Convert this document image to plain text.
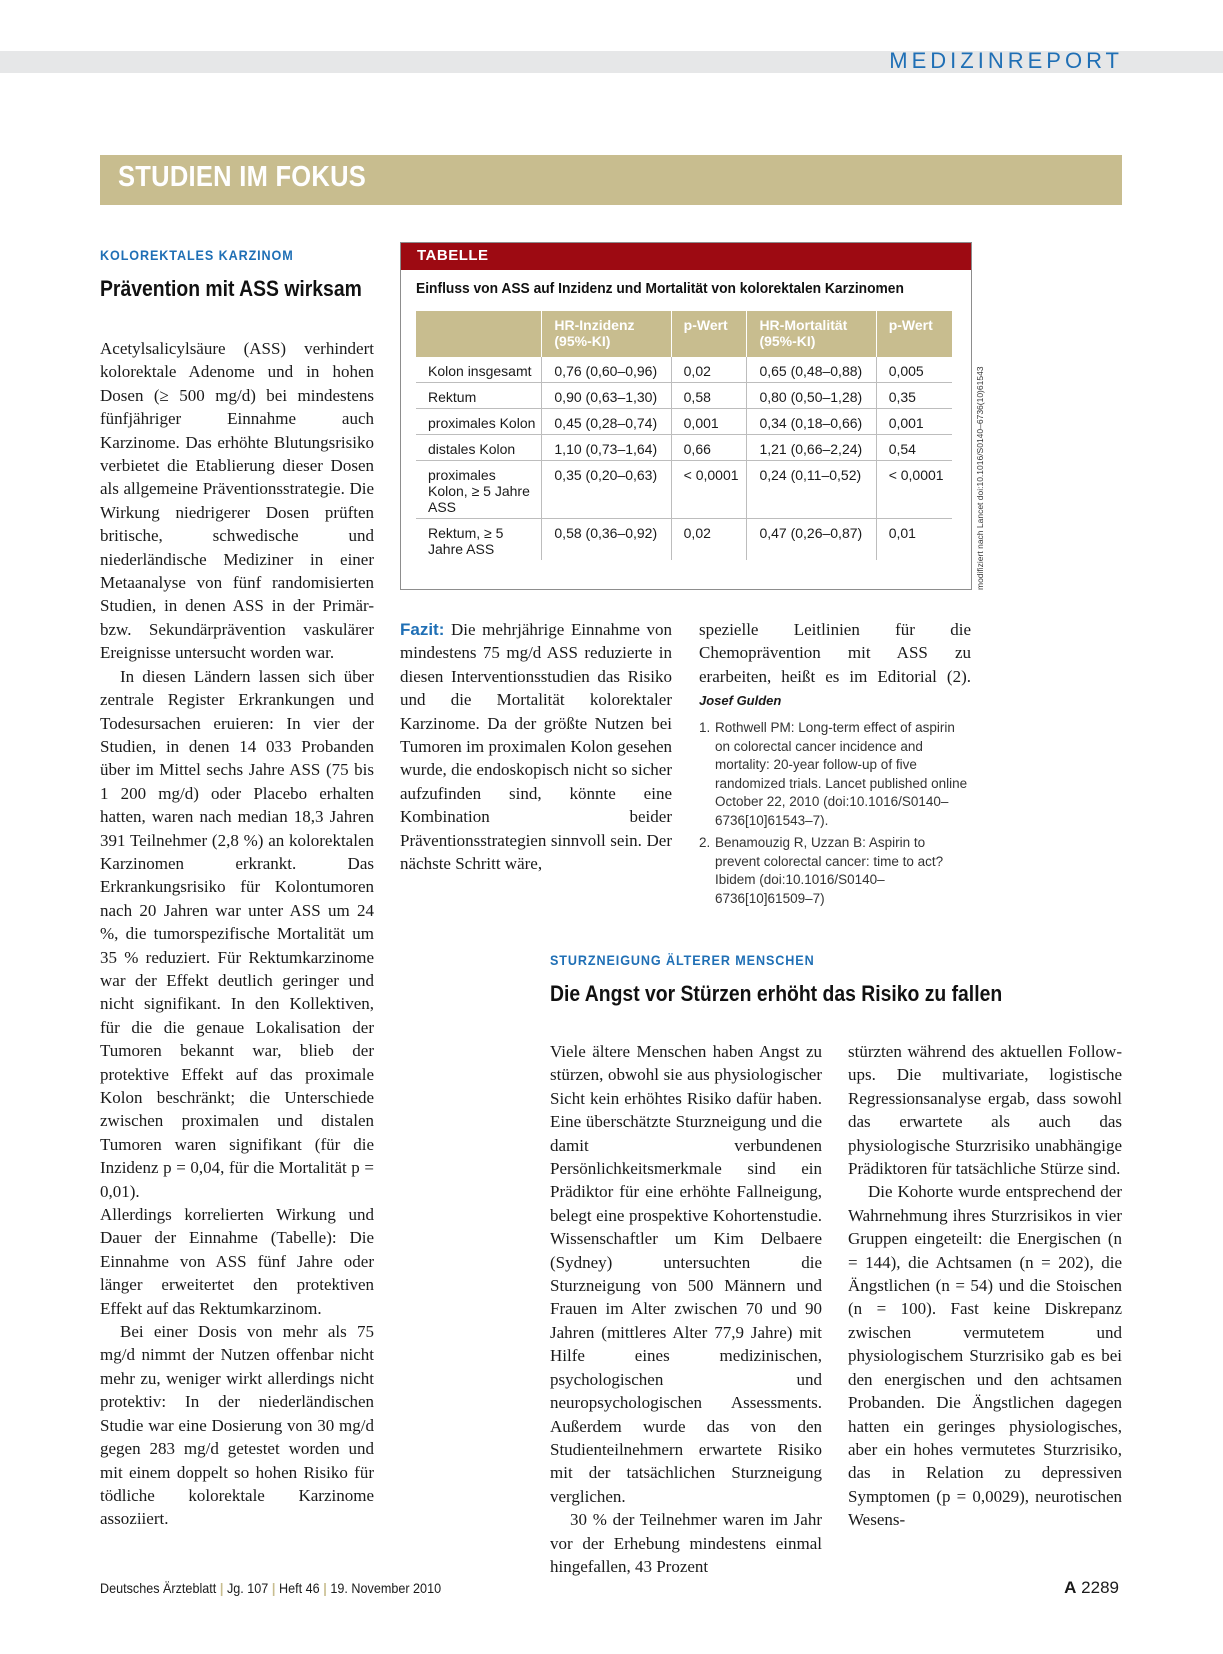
MEDIZINREPORT
STUDIEN IM FOKUS
KOLOREKTALES KARZINOM
Prävention mit ASS wirksam

Acetylsalicylsäure (ASS) verhindert kolorektale Adenome und in hohen Dosen (≥ 500 mg/d) bei mindestens fünfjähriger Einnahme auch Karzinome. Das erhöhte Blutungsrisiko verbietet die Etablierung dieser Dosen als allgemeine Präventionsstrategie. Die Wirkung niedrigerer Dosen prüften britische, schwedische und niederländische Mediziner in einer Metaanalyse von fünf randomisierten Studien, in denen ASS in der Primär- bzw. Sekundärprävention vaskulärer Ereignisse untersucht worden war.

In diesen Ländern lassen sich über zentrale Register Erkrankungen und Todesursachen eruieren: In vier der Studien, in denen 14 033 Probanden über im Mittel sechs Jahre ASS (75 bis 1 200 mg/d) oder Placebo erhalten hatten, waren nach median 18,3 Jahren 391 Teilnehmer (2,8 %) an kolorektalen Karzinomen erkrankt. Das Erkrankungsrisiko für Kolontumoren nach 20 Jahren war unter ASS um 24 %, die tumorspezifische Mortalität um 35 % reduziert. Für Rektumkarzinome war der Effekt deutlich geringer und nicht signifikant. In den Kollektiven, für die die genaue Lokalisation der Tumoren bekannt war, blieb der protektive Effekt auf das proximale Kolon beschränkt; die Unterschiede zwischen proximalen und distalen Tumoren waren signifikant (für die Inzidenz p = 0,04, für die Mortalität p = 0,01).

Allerdings korrelierten Wirkung und Dauer der Einnahme (Tabelle): Die Einnahme von ASS fünf Jahre oder länger erweitertet den protektiven Effekt auf das Rektumkarzinom.

Bei einer Dosis von mehr als 75 mg/d nimmt der Nutzen offenbar nicht mehr zu, weniger wirkt allerdings nicht protektiv: In der niederländischen Studie war eine Dosierung von 30 mg/d gegen 283 mg/d getestet worden und mit einem doppelt so hohen Risiko für tödliche kolorektale Karzinome assoziiert.

TABELLE
Einfluss von ASS auf Inzidenz und Mortalität von kolorektalen Karzinomen
	HR-Inzidenz (95%-KI)	p-Wert	HR-Mortalität (95%-KI)	p-Wert
Kolon insgesamt	0,76 (0,60–0,96)	0,02	0,65 (0,48–0,88)	0,005
Rektum	0,90 (0,63–1,30)	0,58	0,80 (0,50–1,28)	0,35
proximales Kolon	0,45 (0,28–0,74)	0,001	0,34 (0,18–0,66)	0,001
distales Kolon	1,10 (0,73–1,64)	0,66	1,21 (0,66–2,24)	0,54
proximales Kolon, ≥ 5 Jahre ASS	0,35 (0,20–0,63)	< 0,0001	0,24 (0,11–0,52)	< 0,0001
Rektum, ≥ 5 Jahre ASS	0,58 (0,36–0,92)	0,02	0,47 (0,26–0,87)	0,01	modifiziert nach Lancet doi:10.1016/S0140–6736(10)61543

Fazit: Die mehrjährige Einnahme von mindestens 75 mg/d ASS reduzierte in diesen Interventionsstudien das Risiko und die Mortalität kolorektaler Karzinome. Da der größte Nutzen bei Tumoren im proximalen Kolon gesehen wurde, die endoskopisch nicht so sicher aufzufinden sind, könnte eine Kombination beider Präventionsstrategien sinnvoll sein. Der nächste Schritt wäre,

spezielle Leitlinien für die Chemoprävention mit ASS zu erarbeiten, heißt es im Editorial (2). Josef Gulden

1. Rothwell PM: Long-term effect of aspirin on colorectal cancer incidence and mortality: 20-year follow-up of five randomized trials. Lancet published online October 22, 2010 (doi:10.1016/S0140–6736[10]61543–7).
2. Benamouzig R, Uzzan B: Aspirin to prevent colorectal cancer: time to act? Ibidem (doi:10.1016/S0140–6736[10]61509–7)
STURZNEIGUNG ÄLTERER MENSCHEN
Die Angst vor Stürzen erhöht das Risiko zu fallen

Viele ältere Menschen haben Angst zu stürzen, obwohl sie aus physiologischer Sicht kein erhöhtes Risiko dafür haben. Eine überschätzte Sturzneigung und die damit verbundenen Persönlichkeitsmerkmale sind ein Prädiktor für eine erhöhte Fallneigung, belegt eine prospektive Kohortenstudie. Wissenschaftler um Kim Delbaere (Sydney) untersuchten die Sturzneigung von 500 Männern und Frauen im Alter zwischen 70 und 90 Jahren (mittleres Alter 77,9 Jahre) mit Hilfe eines medizinischen, psychologischen und neuropsychologischen Assessments. Außerdem wurde das von den Studienteilnehmern erwartete Risiko mit der tatsächlichen Sturzneigung verglichen.

30 % der Teilnehmer waren im Jahr vor der Erhebung mindestens einmal hingefallen, 43 Prozent

stürzten während des aktuellen Follow-ups. Die multivariate, logistische Regressionsanalyse ergab, dass sowohl das erwartete als auch das physiologische Sturzrisiko unabhängige Prädiktoren für tatsächliche Stürze sind.

Die Kohorte wurde entsprechend der Wahrnehmung ihres Sturzrisikos in vier Gruppen eingeteilt: die Energischen (n = 144), die Achtsamen (n = 202), die Ängstlichen (n = 54) und die Stoischen (n = 100). Fast keine Diskrepanz zwischen vermutetem und physiologischem Sturzrisiko gab es bei den energischen und den achtsamen Probanden. Die Ängstlichen dagegen hatten ein geringes physiologisches, aber ein hohes vermutetes Sturzrisiko, das in Relation zu depressiven Symptomen (p = 0,0029), neurotischen Wesens-

Deutsches Ärzteblatt | Jg. 107 | Heft 46 | 19. November 2010	A 2289
